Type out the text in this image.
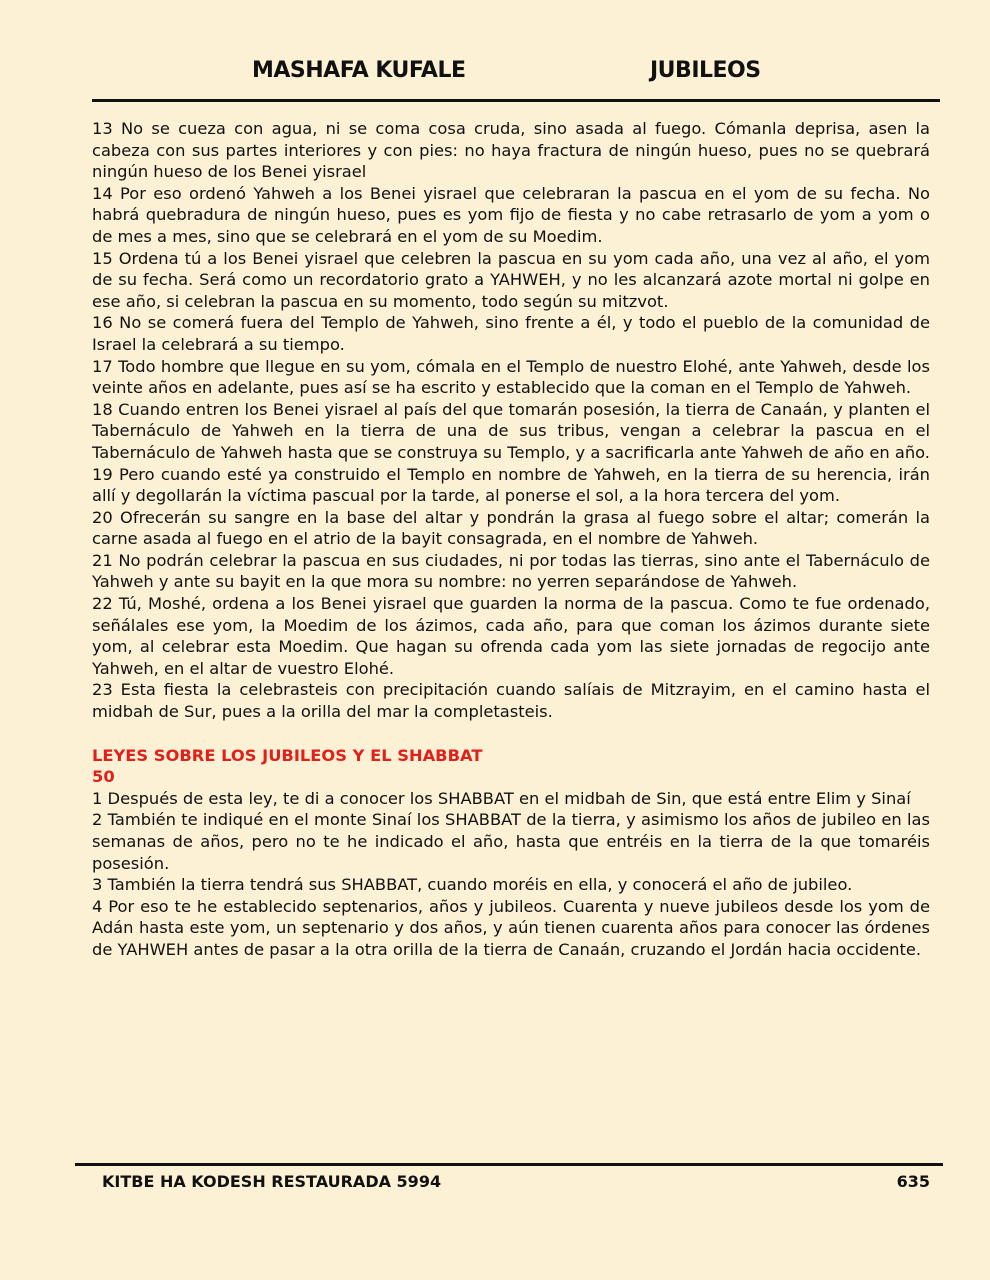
MASHAFA KUFALE	JUBILEOS

13 No se cueza con agua, ni se coma cosa cruda, sino asada al fuego. Cómanla deprisa, asen la cabeza con sus partes interiores y con pies: no haya fractura de ningún hueso, pues no se quebrará ningún hueso de los Benei yisrael

14 Por eso ordenó Yahweh a los Benei yisrael que celebraran la pascua en el yom de su fecha. No habrá quebradura de ningún hueso, pues es yom fijo de fiesta y no cabe retrasarlo de yom a yom o de mes a mes, sino que se celebrará en el yom de su Moedim.

15 Ordena tú a los Benei yisrael que celebren la pascua en su yom cada año, una vez al año, el yom de su fecha. Será como un recordatorio grato a YAHWEH, y no les alcanzará azote mortal ni golpe en ese año, si celebran la pascua en su momento, todo según su mitzvot.

16 No se comerá fuera del Templo de Yahweh, sino frente a él, y todo el pueblo de la comunidad de Israel la celebrará a su tiempo.

17 Todo hombre que llegue en su yom, cómala en el Templo de nuestro Elohé, ante Yahweh, desde los veinte años en adelante, pues así se ha escrito y establecido que la coman en el Templo de Yahweh.

18 Cuando entren los Benei yisrael al país del que tomarán posesión, la tierra de Canaán, y planten el Tabernáculo de Yahweh en la tierra de una de sus tribus, vengan a celebrar la pascua en el Tabernáculo de Yahweh hasta que se construya su Templo, y a sacrificarla ante Yahweh de año en año. 19 Pero cuando esté ya construido el Templo en nombre de Yahweh, en la tierra de su herencia, irán allí y degollarán la víctima pascual por la tarde, al ponerse el sol, a la hora tercera del yom.

20 Ofrecerán su sangre en la base del altar y pondrán la grasa al fuego sobre el altar; comerán la carne asada al fuego en el atrio de la bayit consagrada, en el nombre de Yahweh.

21 No podrán celebrar la pascua en sus ciudades, ni por todas las tierras, sino ante el Tabernáculo de Yahweh y ante su bayit en la que mora su nombre: no yerren separándose de Yahweh.

22 Tú, Moshé, ordena a los Benei yisrael que guarden la norma de la pascua. Como te fue ordenado, señálales ese yom, la Moedim de los ázimos, cada año, para que coman los ázimos durante siete yom, al celebrar esta Moedim. Que hagan su ofrenda cada yom las siete jornadas de regocijo ante Yahweh, en el altar de vuestro Elohé.

23 Esta fiesta la celebrasteis con precipitación cuando salíais de Mitzrayim, en el camino hasta el midbah de Sur, pues a la orilla del mar la completasteis.

LEYES SOBRE LOS JUBILEOS Y EL SHABBAT

50

1 Después de esta ley, te di a conocer los SHABBAT en el midbah de Sin, que está entre Elim y Sinaí

2 También te indiqué en el monte Sinaí los SHABBAT de la tierra, y asimismo los años de jubileo en las semanas de años, pero no te he indicado el año, hasta que entréis en la tierra de la que tomaréis posesión.

3 También la tierra tendrá sus SHABBAT, cuando moréis en ella, y conocerá el año de jubileo.

4 Por eso te he establecido septenarios, años y jubileos. Cuarenta y nueve jubileos desde los yom de Adán hasta este yom, un septenario y dos años, y aún tienen cuarenta años para conocer las órdenes de YAHWEH antes de pasar a la otra orilla de la tierra de Canaán, cruzando el Jordán hacia occidente.

KITBE HA KODESH RESTAURADA 5994	635
